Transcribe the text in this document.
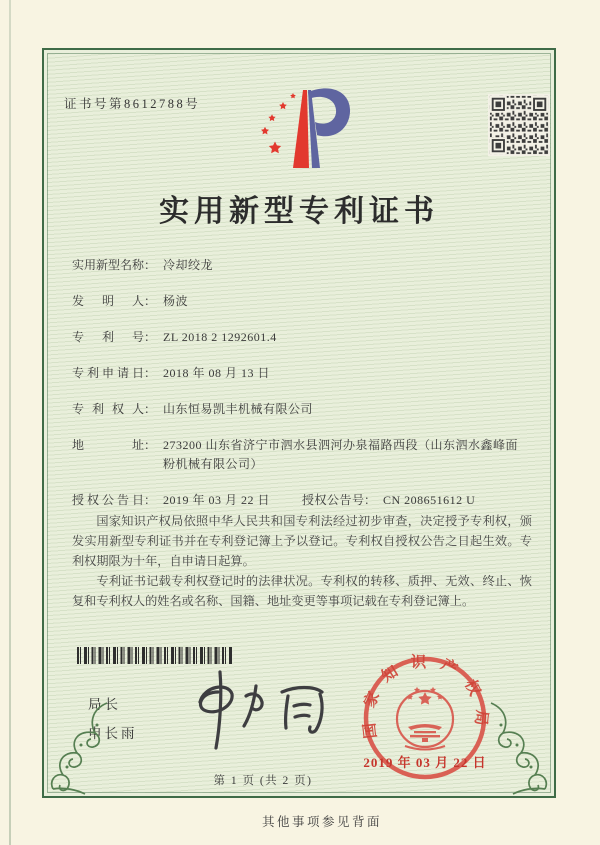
证书号第8612788号
实用新型专利证书
实用新型名称 ： 冷却绞龙
发明人 ： 杨波
专利号 ： ZL 2018 2 1292601.4
专利申请日 ： 2018 年 08 月 13 日
专利权人 ： 山东恒易凯丰机械有限公司
地址 ： 273200 山东省济宁市泗水县泗河办泉福路西段（山东泗水鑫峰面粉机械有限公司）
授权公告日 ： 2019 年 03 月 22 日	授权公告号 ： CN 208651612 U

国家知识产权局依照中华人民共和国专利法经过初步审查，决定授予专利权，颁发实用新型专利证书并在专利登记簿上予以登记。专利权自授权公告之日起生效。专利权期限为十年，自申请日起算。

专利证书记载专利权登记时的法律状况。专利权的转移、质押、无效、终止、恢复和专利权人的姓名或名称、国籍、地址变更等事项记载在专利登记簿上。

局长
申长雨	国家知识产权局
2019 年 03 月 22 日
第 1 页 (共 2 页)
其他事项参见背面
